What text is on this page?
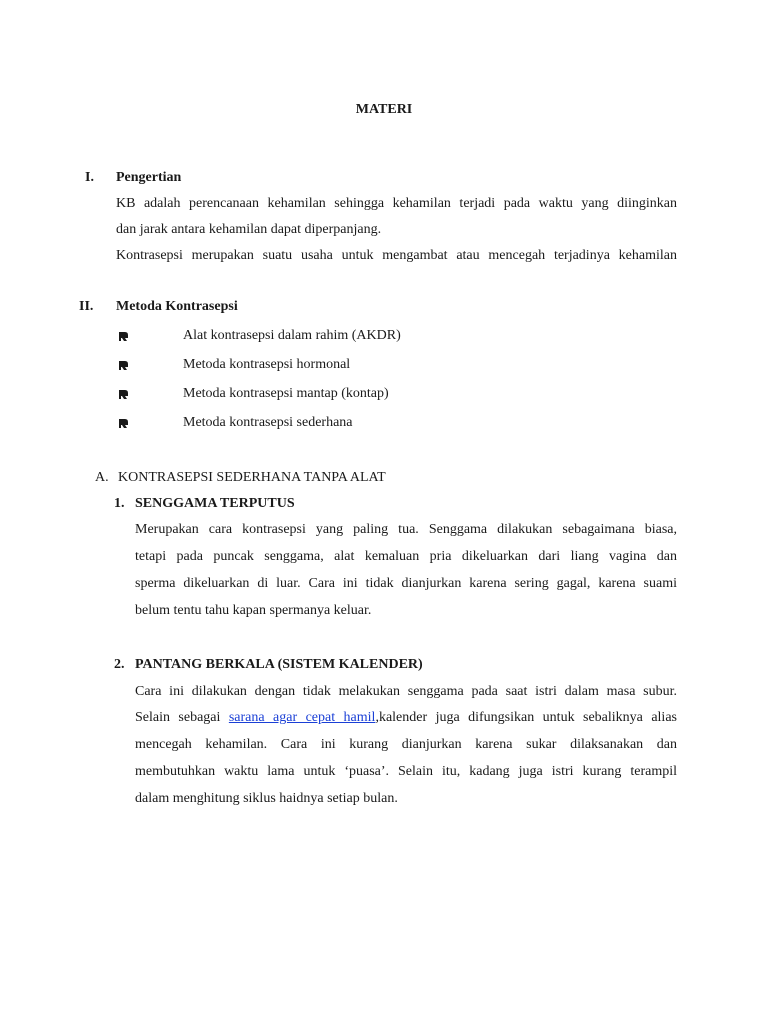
MATERI
I. Pengertian
KB adalah perencanaan kehamilan sehingga kehamilan terjadi pada waktu yang diinginkan
dan jarak antara kehamilan dapat diperpanjang.
Kontrasepsi merupakan suatu usaha untuk mengambat atau mencegah terjadinya kehamilan
II. Metoda Kontrasepsi
Alat kontrasepsi dalam rahim (AKDR)
Metoda kontrasepsi hormonal
Metoda kontrasepsi mantap (kontap)
Metoda kontrasepsi sederhana
A. KONTRASEPSI SEDERHANA TANPA ALAT
1. SENGGAMA TERPUTUS
Merupakan cara kontrasepsi yang paling tua. Senggama dilakukan sebagaimana biasa,
tetapi pada puncak senggama, alat kemaluan pria dikeluarkan dari liang vagina dan
sperma dikeluarkan di luar. Cara ini tidak dianjurkan karena sering gagal, karena suami
belum tentu tahu kapan spermanya keluar.
2. PANTANG BERKALA (SISTEM KALENDER)
Cara ini dilakukan dengan tidak melakukan senggama pada saat istri dalam masa subur.
Selain sebagai sarana agar cepat hamil,kalender juga difungsikan untuk sebaliknya alias
mencegah kehamilan. Cara ini kurang dianjurkan karena sukar dilaksanakan dan
membutuhkan waktu lama untuk ‘puasa’. Selain itu, kadang juga istri kurang terampil
dalam menghitung siklus haidnya setiap bulan.
